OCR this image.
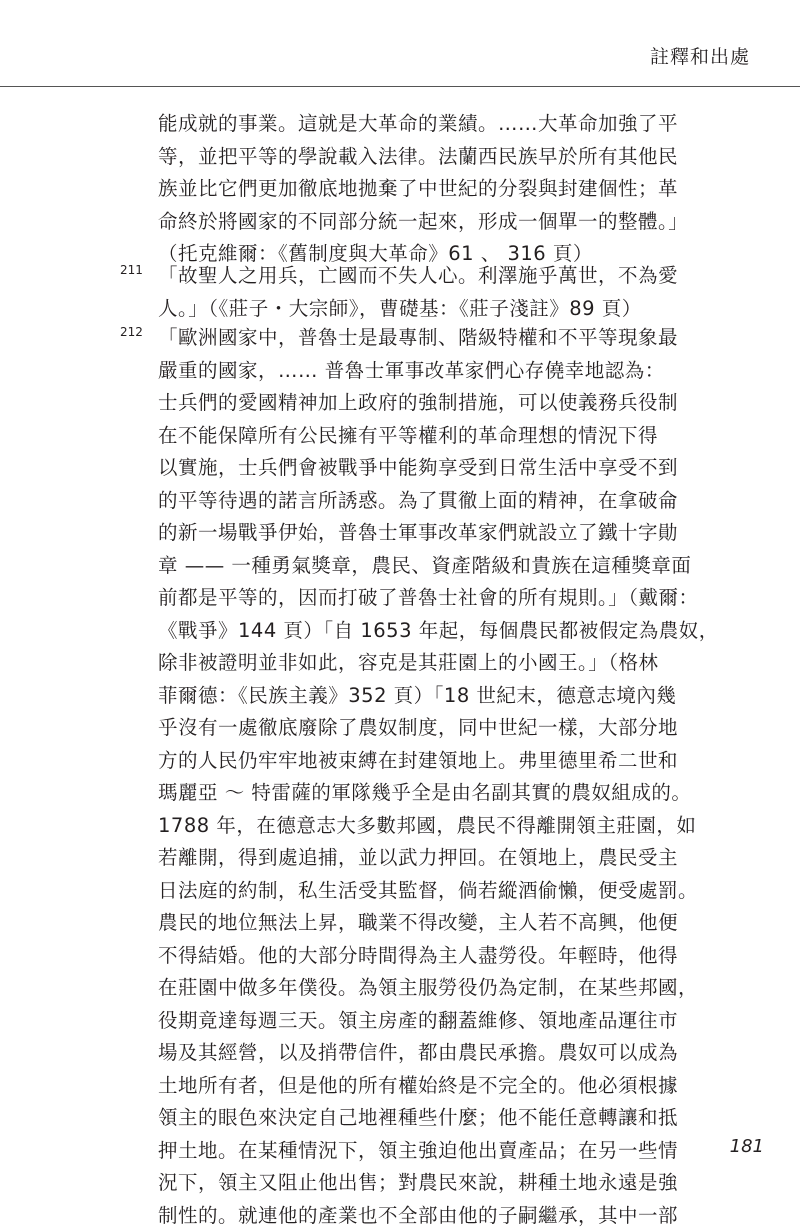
註釋和出處
能成就的事業。這就是大革命的業績。……大革命加強了平
等，並把平等的學說載入法律。法蘭西民族早於所有其他民
族並比它們更加徹底地拋棄了中世紀的分裂與封建個性；革
命終於將國家的不同部分統一起來，形成一個單一的整體。」
（托克維爾：《舊制度與大革命》61 、 316 頁）
211 「故聖人之用兵，亡國而不失人心。利澤施乎萬世，不為愛
人。」（《莊子・大宗師》，曹礎基：《莊子淺註》89 頁）
212 「歐洲國家中，普魯士是最專制、階級特權和不平等現象最
嚴重的國家，…… 普魯士軍事改革家們心存僥幸地認為：
士兵們的愛國精神加上政府的強制措施，可以使義務兵役制
在不能保障所有公民擁有平等權利的革命理想的情況下得
以實施，士兵們會被戰爭中能夠享受到日常生活中享受不到
的平等待遇的諾言所誘惑。為了貫徹上面的精神，在拿破侖
的新一場戰爭伊始，普魯士軍事改革家們就設立了鐵十字勛
章 —— 一種勇氣獎章，農民、資產階級和貴族在這種獎章面
前都是平等的，因而打破了普魯士社會的所有規則。」（戴爾：
《戰爭》144 頁）「自 1653 年起，每個農民都被假定為農奴，
除非被證明並非如此，容克是其莊園上的小國王。」（格林
菲爾德：《民族主義》352 頁）「18 世紀末，德意志境內幾
乎沒有一處徹底廢除了農奴制度，同中世紀一樣，大部分地
方的人民仍牢牢地被束縛在封建領地上。弗里德里希二世和
瑪麗亞 ～ 特雷薩的軍隊幾乎全是由名副其實的農奴組成的。
1788 年，在德意志大多數邦國，農民不得離開領主莊園，如
若離開，得到處追捕，並以武力押回。在領地上，農民受主
日法庭的約制，私生活受其監督，倘若縱酒偷懶，便受處罰。
農民的地位無法上昇，職業不得改變，主人若不高興，他便
不得結婚。他的大部分時間得為主人盡勞役。年輕時，他得
在莊園中做多年僕役。為領主服勞役仍為定制，在某些邦國，
役期竟達每週三天。領主房產的翻蓋維修、領地產品運往市
場及其經營，以及捎帶信件，都由農民承擔。農奴可以成為
土地所有者，但是他的所有權始終是不完全的。他必須根據
領主的眼色來決定自己地裡種些什麼；他不能任意轉讓和抵
押土地。在某種情況下，領主強迫他出賣產品；在另一些情
況下，領主又阻止他出售；對農民來說，耕種土地永遠是強
制性的。就連他的產業也不全部由他的子嗣繼承，其中一部
181
